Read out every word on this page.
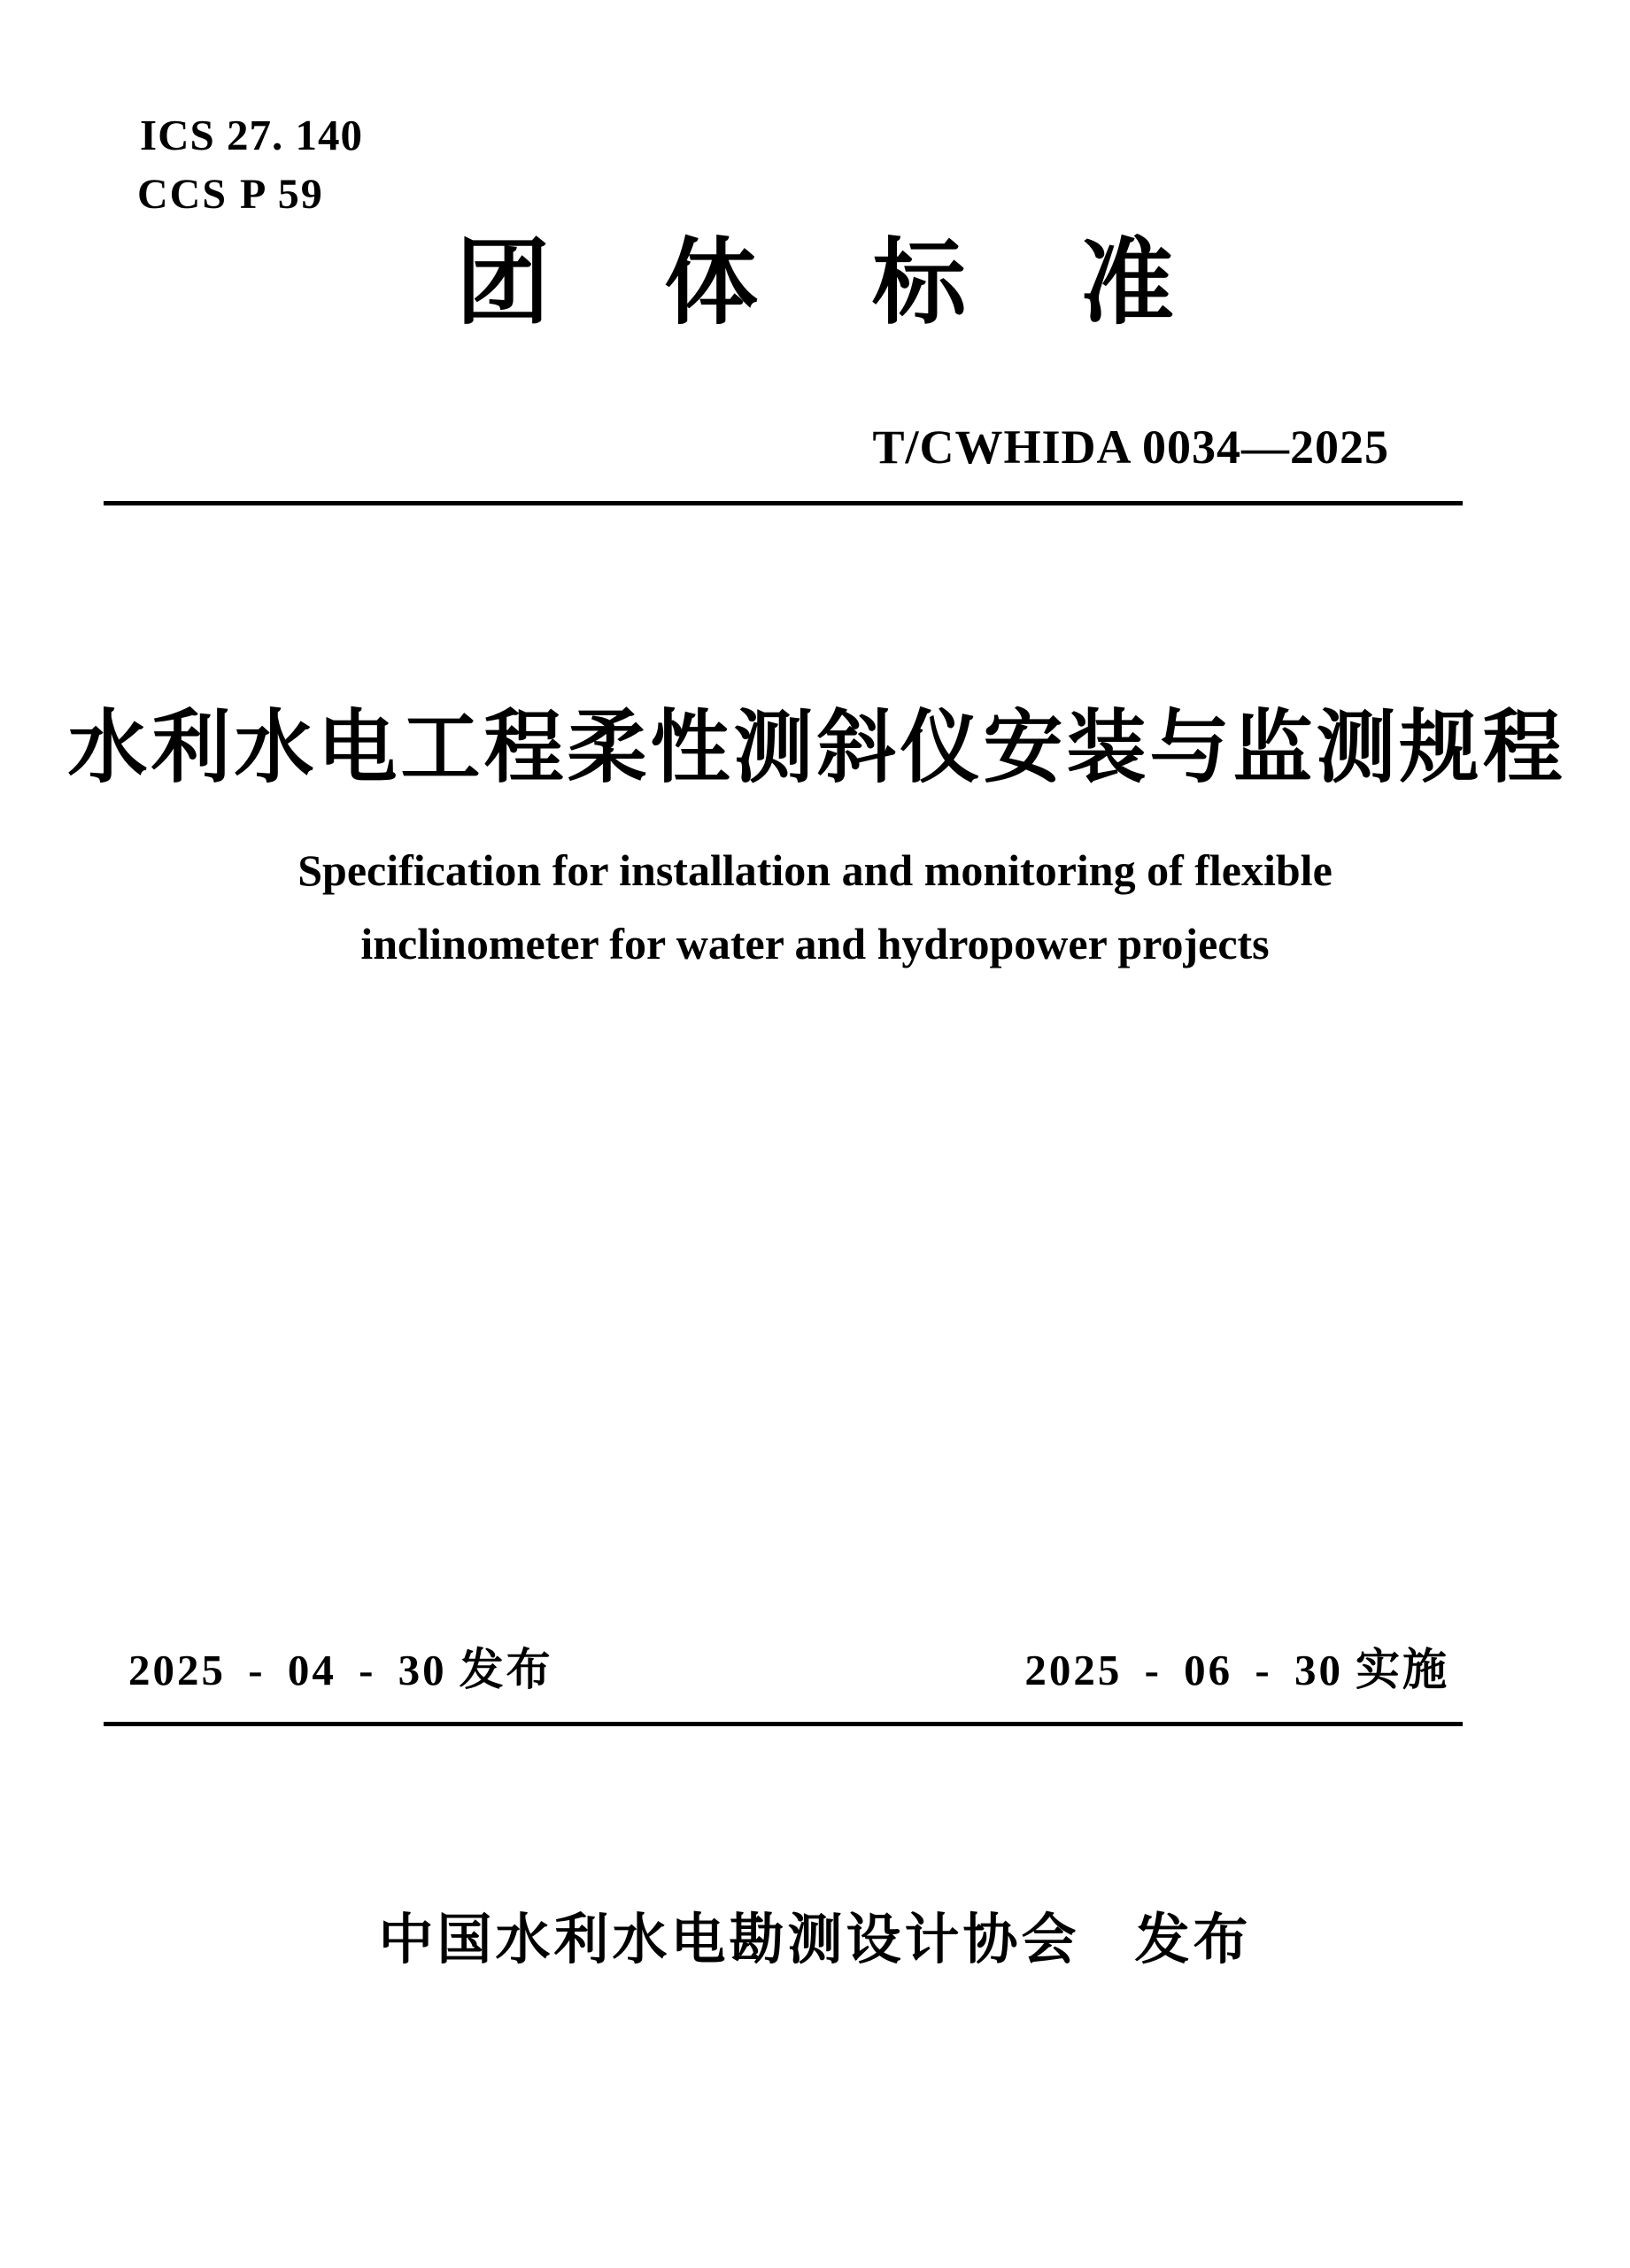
ICS 27. 140
CCS P 59
团体标准
T/CWHIDA 0034—2025
水利水电工程柔性测斜仪安装与监测规程
Specification for installation and monitoring of flexible
inclinometer for water and hydropower projects
2025 - 04 - 30 发布	2025 - 06 - 30 实施
中国水利水电勘测设计协会 发布
